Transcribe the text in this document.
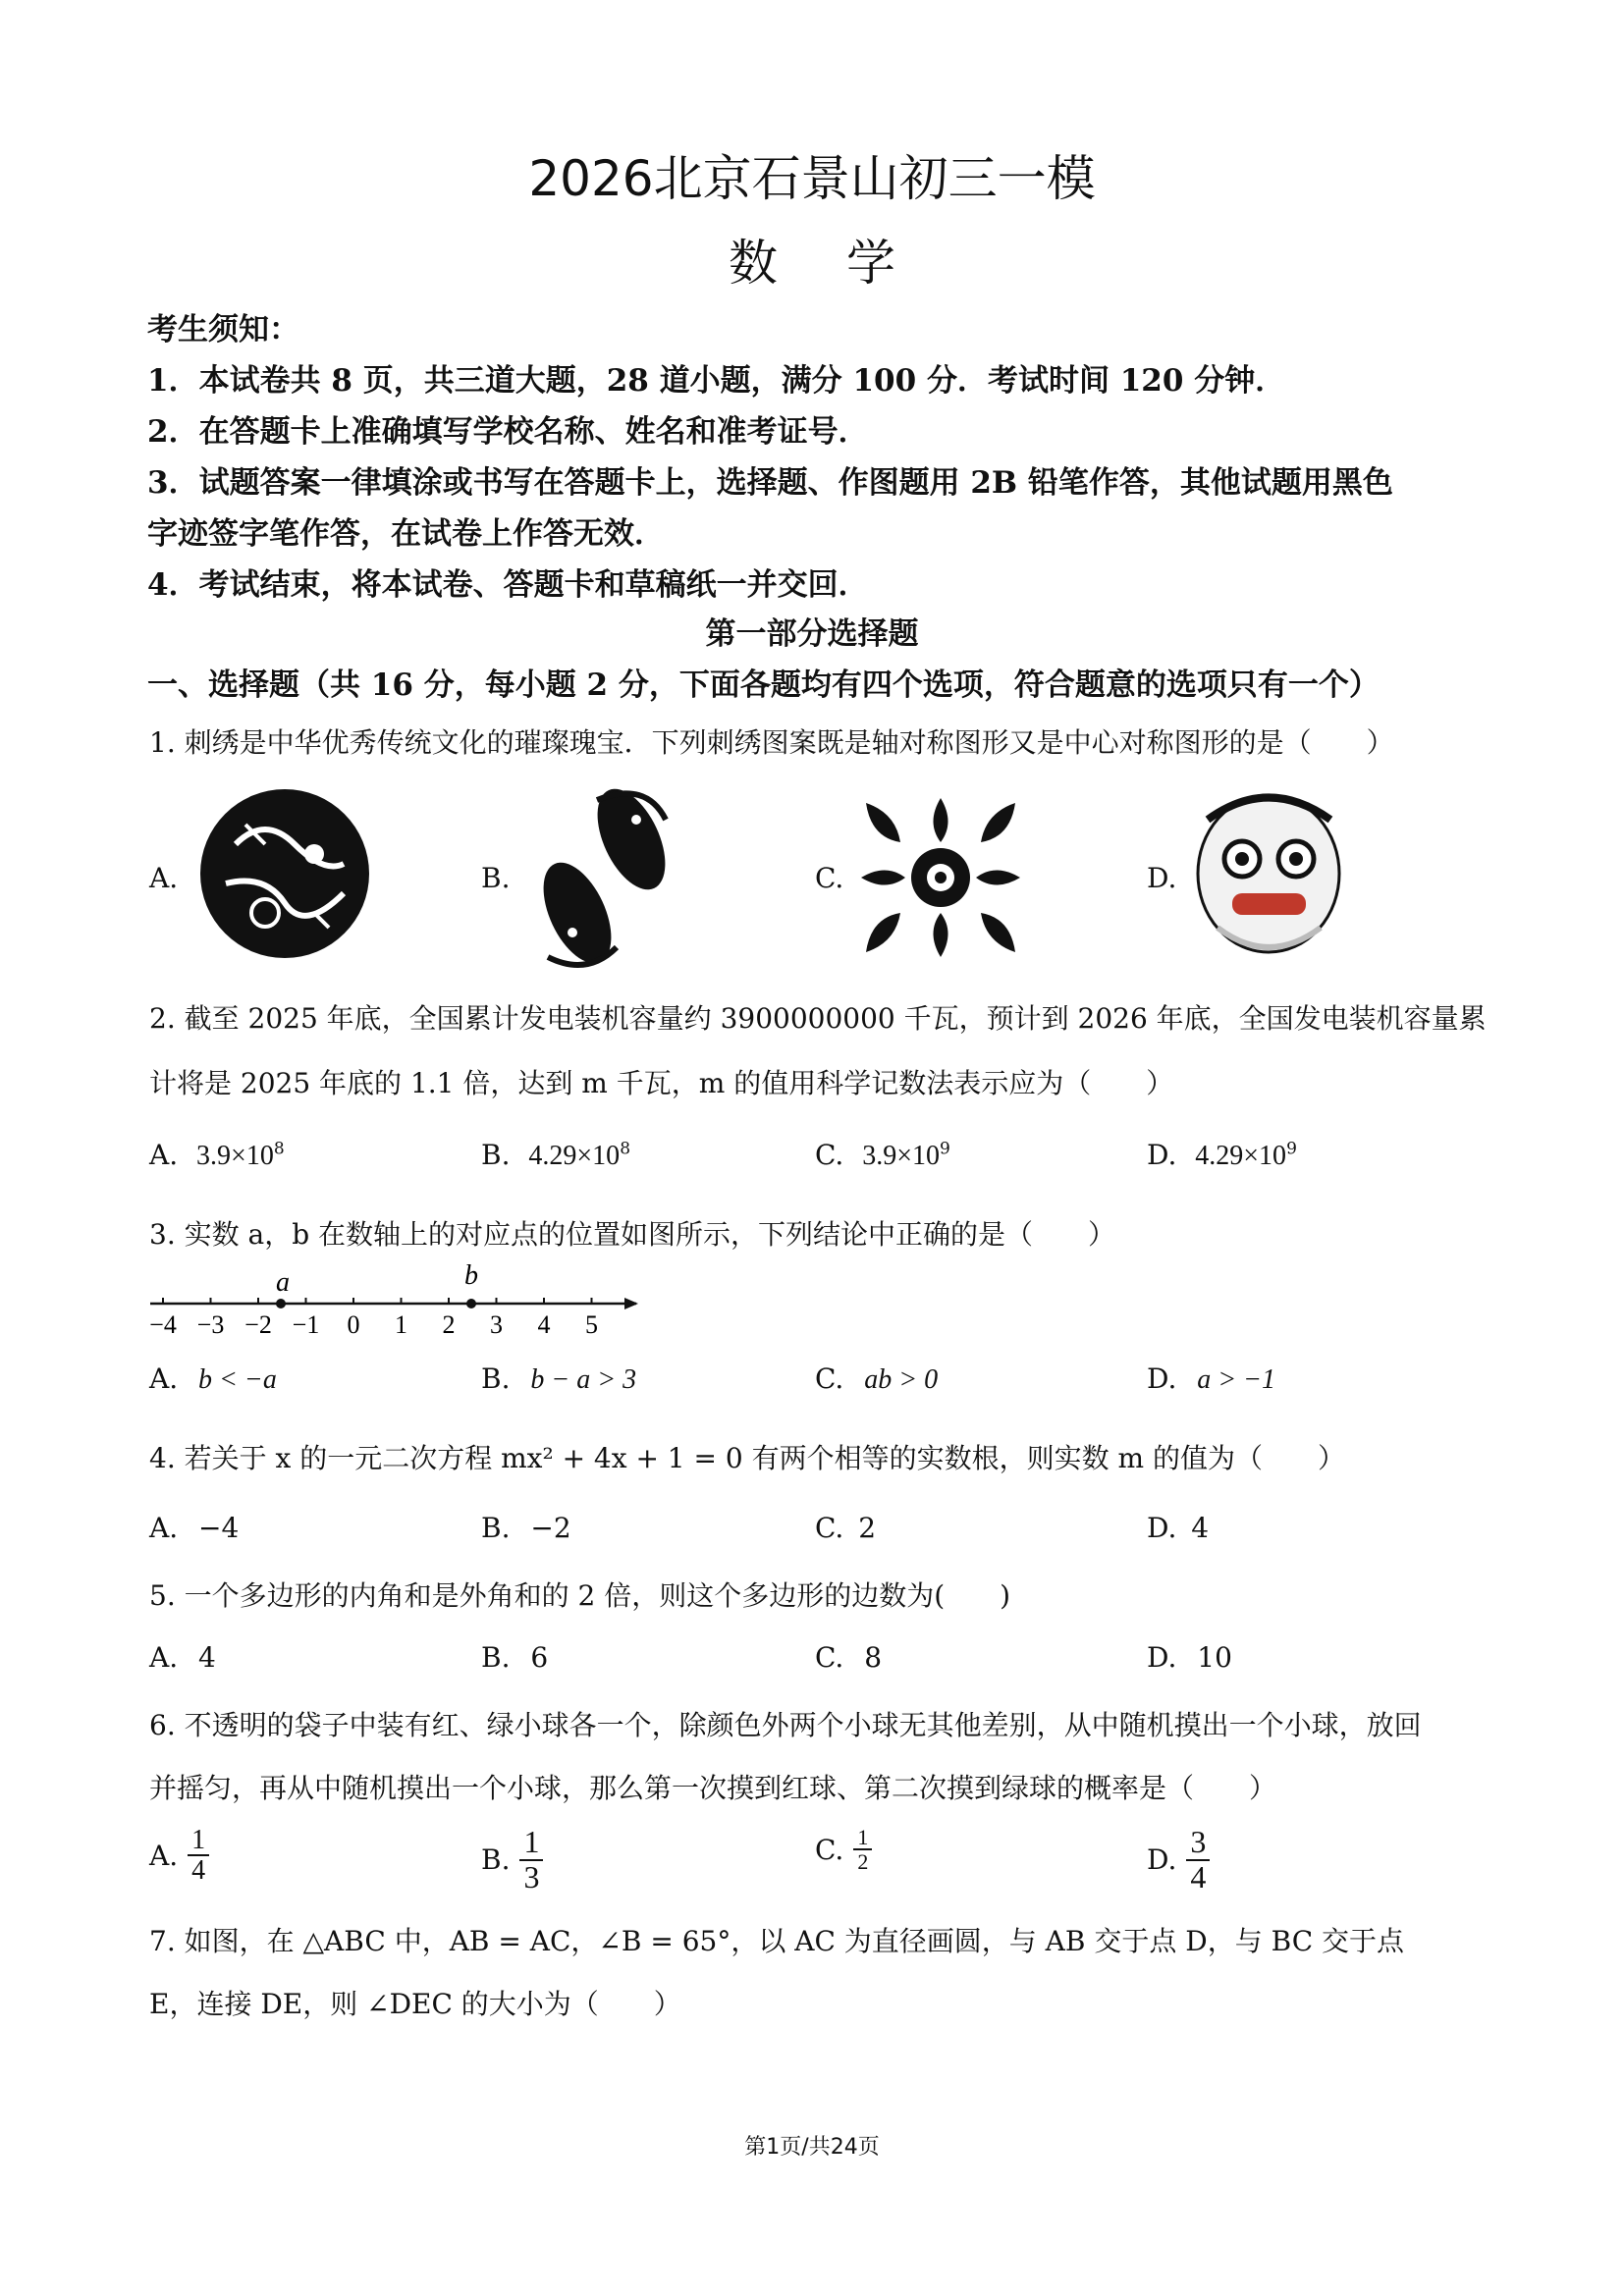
2026北京石景山初三一模
数学
考生须知：
1．本试卷共 8 页，共三道大题，28 道小题，满分 100 分．考试时间 120 分钟．
2．在答题卡上准确填写学校名称、姓名和准考证号．
3．试题答案一律填涂或书写在答题卡上，选择题、作图题用 2B 铅笔作答，其他试题用黑色
字迹签字笔作答，在试卷上作答无效．
4．考试结束，将本试卷、答题卡和草稿纸一并交回．
第一部分选择题
一、选择题（共 16 分，每小题 2 分，下面各题均有四个选项，符合题意的选项只有一个）
1. 刺绣是中华优秀传统文化的璀璨瑰宝．下列刺绣图案既是轴对称图形又是中心对称图形的是（　　）
A.	B.	C.	D.
2. 截至 2025 年底，全国累计发电装机容量约 3900000000 千瓦，预计到 2026 年底，全国发电装机容量累
计将是 2025 年底的 1.1 倍，达到 m 千瓦，m 的值用科学记数法表示应为（　　）
A. $3.9\times 10^8$	B. $4.29\times 10^8$	C. $3.9\times 10^9$	D. $4.29\times 10^9$
3. 实数 a，b 在数轴上的对应点的位置如图所示，下列结论中正确的是（　　）
−4 −3 −2 −1 0 1 2 3 4 5
a	b
A. b < −a	B. b − a > 3	C. ab > 0	D. a > −1
4. 若关于 x 的一元二次方程 mx² + 4x + 1 = 0 有两个相等的实数根，则实数 m 的值为（　　）
A. −4	B. −2	C. 2	D. 4
5. 一个多边形的内角和是外角和的 2 倍，则这个多边形的边数为(　　)
A. 4	B. 6	C. 8	D. 10
6. 不透明的袋子中装有红、绿小球各一个，除颜色外两个小球无其他差别，从中随机摸出一个小球，放回
并摇匀，再从中随机摸出一个小球，那么第一次摸到红球、第二次摸到绿球的概率是（　　）
A. $\frac{1}{4}$	B. $\frac{1}{3}$	C. $\frac{1}{2}$	D. $\frac{3}{4}$
7. 如图，在 △ABC 中，AB = AC，∠B = 65°，以 AC 为直径画圆，与 AB 交于点 D，与 BC 交于点
E，连接 DE，则 ∠DEC 的大小为（　　）
第1页/共24页
